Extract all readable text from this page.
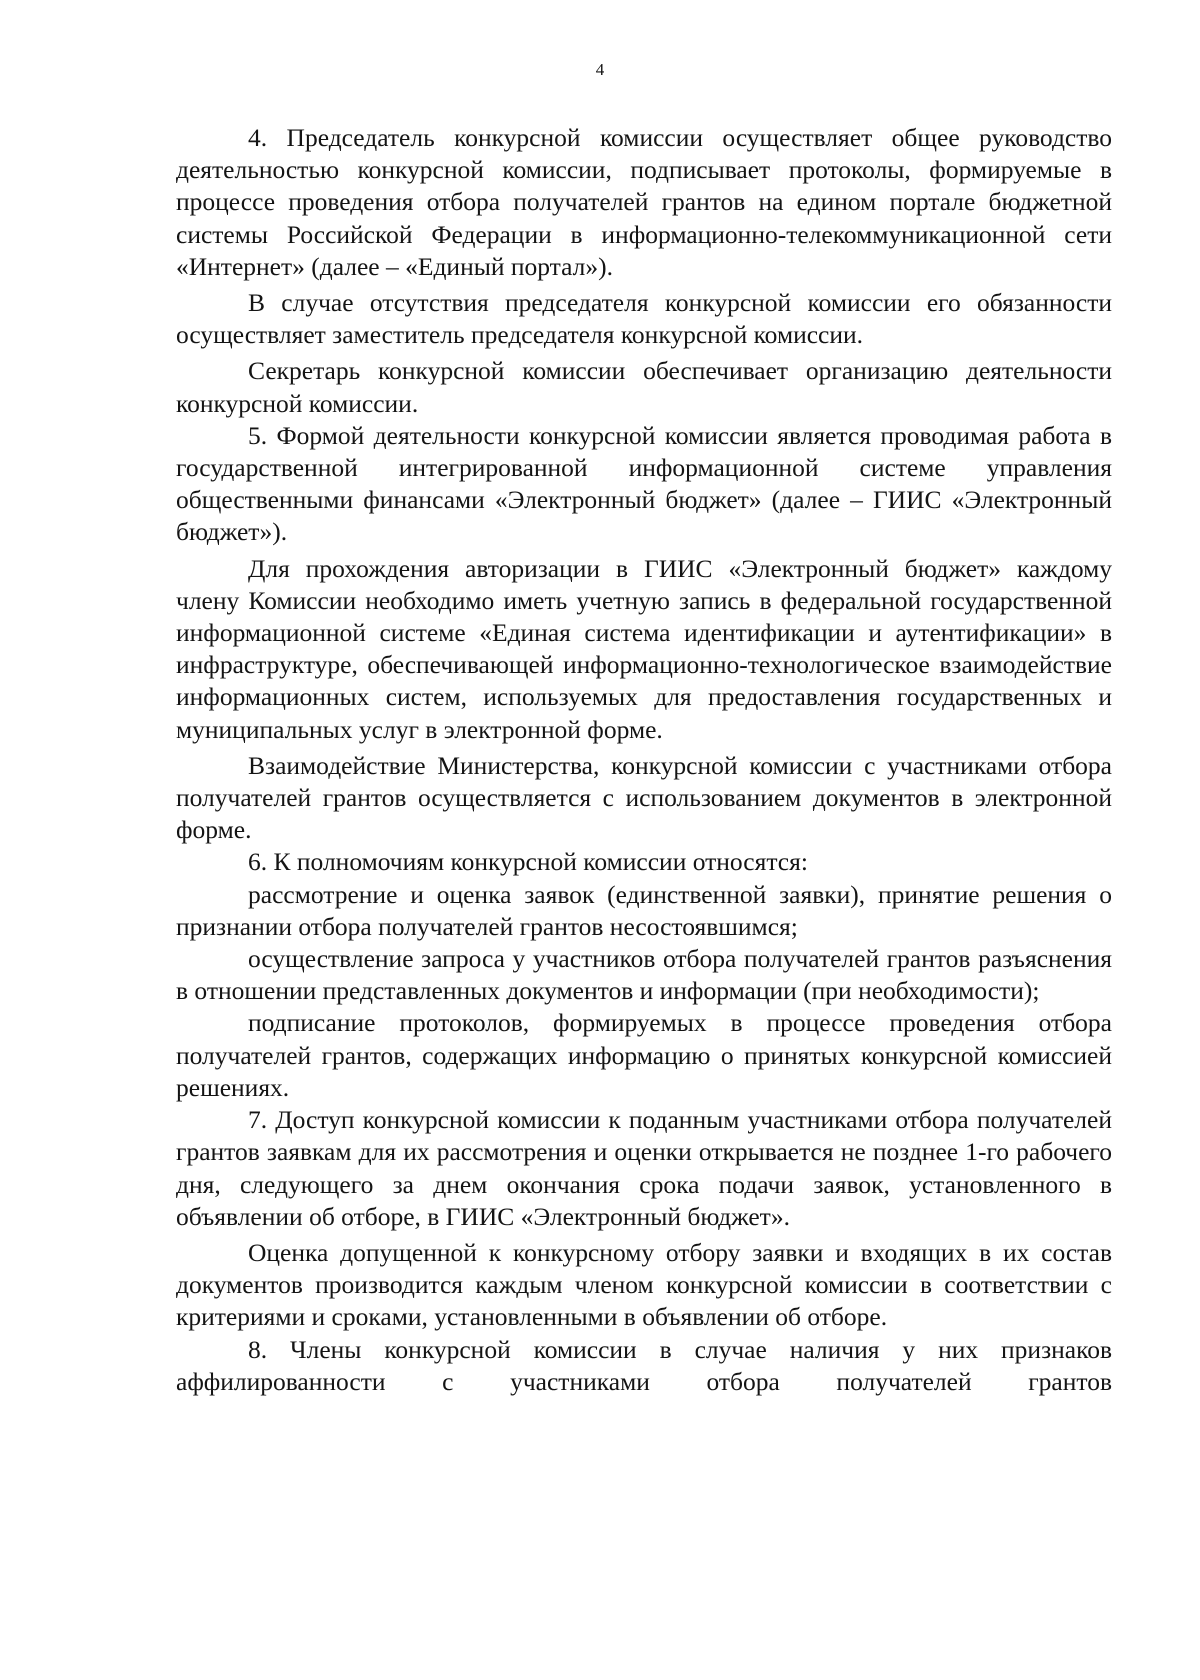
4

4. Председатель конкурсной комиссии осуществляет общее руководство деятельностью конкурсной комиссии, подписывает протоколы, формируемые в процессе проведения отбора получателей грантов на едином портале бюджетной системы Российской Федерации в информационно-телекоммуникационной сети «Интернет» (далее – «Единый портал»).

В случае отсутствия председателя конкурсной комиссии его обязанности осуществляет заместитель председателя конкурсной комиссии.

Секретарь конкурсной комиссии обеспечивает организацию деятельности конкурсной комиссии.

5. Формой деятельности конкурсной комиссии является проводимая работа в государственной интегрированной информационной системе управления общественными финансами «Электронный бюджет» (далее – ГИИС «Электронный бюджет»).

Для прохождения авторизации в ГИИС «Электронный бюджет» каждому члену Комиссии необходимо иметь учетную запись в федеральной государственной информационной системе «Единая система идентификации и аутентификации» в инфраструктуре, обеспечивающей информационно-технологическое взаимодействие информационных систем, используемых для предоставления государственных и муниципальных услуг в электронной форме.

Взаимодействие Министерства, конкурсной комиссии с участниками отбора получателей грантов осуществляется с использованием документов в электронной форме.

6. К полномочиям конкурсной комиссии относятся:

рассмотрение и оценка заявок (единственной заявки), принятие решения о признании отбора получателей грантов несостоявшимся;

осуществление запроса у участников отбора получателей грантов разъяснения в отношении представленных документов и информации (при необходимости);

подписание протоколов, формируемых в процессе проведения отбора получателей грантов, содержащих информацию о принятых конкурсной комиссией решениях.

7. Доступ конкурсной комиссии к поданным участниками отбора получателей грантов заявкам для их рассмотрения и оценки открывается не позднее 1-го рабочего дня, следующего за днем окончания срока подачи заявок, установленного в объявлении об отборе, в ГИИС «Электронный бюджет».

Оценка допущенной к конкурсному отбору заявки и входящих в их состав документов производится каждым членом конкурсной комиссии в соответствии с критериями и сроками, установленными в объявлении об отборе.

8. Члены конкурсной комиссии в случае наличия у них признаков аффилированности с участниками отбора получателей грантов
